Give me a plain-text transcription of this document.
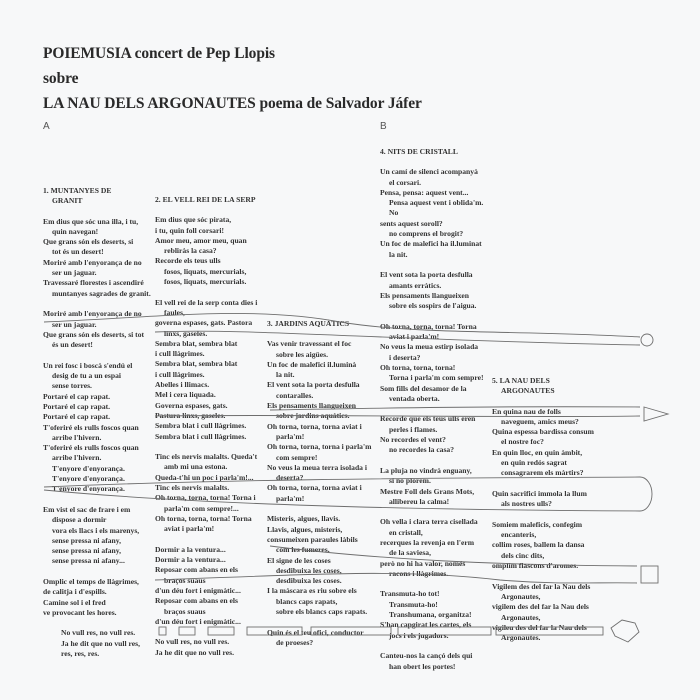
POIEMUSIA concert de Pep Llopis
sobre
LA NAU DELS ARGONAUTES poema de Salvador Jáfer
A	B
1. MUNTANYES DE
GRANIT
Em dius que sóc una illa, i tu,
quin navegan!
Que grans són els deserts, si
tot és un desert!
Moriré amb l'enyorança de no
ser un jaguar.
Travessaré florestes i ascendiré
muntanyes sagrades de granit.
Moriré amb l'enyorança de no
ser un jaguar.
Que grans són els deserts, si tot
és un desert!
Un rei fosc i boscà s'endú el
desig de tu a un espai
sense torres.
Portaré el cap rapat.
Portaré el cap rapat.
Portaré el cap rapat.
T'oferiré els rulls foscos quan
arribe l'hivern.
T'oferiré els rulls foscos quan
arribe l'hivern.
T'enyore d'enyorança.
T'enyore d'enyorança.
T'enyore d'enyorança.
Em vist el sac de frare i em
dispose a dormir
vora els llacs i els marenys,
sense pressa ni afany,
sense pressa ni afany,
sense pressa ni afany...
Omplic el temps de llàgrimes,
de calitja i d'espills.
Camine sol i el fred
ve provocant les hores.
No vull res, no vull res.
Ja he dit que no vull res,
res, res, res.
2. EL VELL REI DE LA SERP
Em dius que sóc pirata,
i tu, quin foll corsari!
Amor meu, amor meu, quan
rebliràs la casa?
Recorde els teus ulls
fosos, liquats, mercurials,
fosos, liquats, mercurials.
El vell rei de la serp conta dies i
faules,
governa espases, gats. Pastora
linxs, gaseles.
Sembra blat, sembra blat
i cull llàgrimes.
Sembra blat, sembra blat
i cull llàgrimes.
Abelles i llimacs.
Mel i cera liquada.
Governa espases, gats.
Pastura linxs, gaseles.
Sembra blat i cull llàgrimes.
Sembra blat i cull llàgrimes.
Tinc els nervis malalts. Queda't
amb mi una estona.
Queda-t'hi un poc i parla'm!...
Tinc els nervis malalts.
Oh torna, torna, torna! Torna i
parla'm com sempre!...
Oh torna, torna, torna! Torna
aviat i parla'm!
Dormir a la ventura...
Dormir a la ventura...
Reposar com abans en els
braços suaus
d'un déu fort i enigmàtic...
Reposar com abans en els
braços suaus
d'un déu fort i enigmàtic...
No vull res, no vull res.
Ja he dit que no vull res.
3. JARDINS AQUÀTICS
Vas venir travessant el foc
sobre les aigües.
Un foc de malefici il.luminà
la nit.
El vent sota la porta desfulla
contaralles.
Els pensaments llangueixen
sobre jardins aquàtics.
Oh torna, torna, torna aviat i
parla'm!
Oh torna, torna, torna i parla'm
com sempre!
No veus la meua terra isolada i
deserta?
Oh torna, torna, torna aviat i
parla'm!
Misteris, algues, llavis.
Llavis, algues, misteris,
consumeixen paraules làbils
com les fumeres.
El signe de les coses
desdibuixa les coses,
desdibuixa les coses.
I la màscara es riu sobre els
blancs caps rapats,
sobre els blancs caps rapats.
Quin és el teu ofici, conductor
de proeses?
4. NITS DE CRISTALL
Un camí de silenci acompanyà
el corsari.
Pensa, pensa: aquest vent...
Pensa aquest vent i oblida'm. No
sents aquest soroll?
no comprens el brogit?
Un foc de malefici ha il.luminat
la nit.
El vent sota la porta desfulla
amants erràtics.
Els pensaments llangueixen
sobre els sospirs de l'aigua.
Oh torna, torna, torna! Torna
aviat i parla'm!
No veus la meua estirp isolada
i deserta?
Oh torna, torna, torna!
Torna i parla'm com sempre!
Som fills del desamor de la
ventada oberta.
Recorde que els teus ulls eren
perles i flames.
No recordes el vent?
no recordes la casa?
La pluja no vindrà enguany,
si no plorem.
Mestre Foll dels Grans Mots,
allibereu la calma!
Oh vella i clara terra cisellada
en cristall,
recerques la revenja en l'erm
de la saviesa,
però no hi ha valor, només
racons i llàgrimes.
Transmuta-ho tot!
Transmuta-ho!
Transhumana, organitza!
S'han capgirat les cartes, els
jocs i els jugadors.
Canteu-nos la cançó dels qui
han obert les portes!
5. LA NAU DELS
ARGONAUTES
En quina nau de folls
naveguem, amics meus?
Quina espessa bardissa consum
el nostre foc?
En quin lloc, en quin àmbit,
en quin redós sagrat
consagrarem els màrtirs?
Quin sacrifici immola la llum
als nostres ulls?
Somiem maleficis, confegim
encanteris,
collim roses, ballem la dansa
dels cinc dits,
omplim flascons d'aromes.
Vigilem des del far la Nau dels
Argonautes,
vigilem des del far la Nau dels
Argonautes,
vigileu des del far la Nau dels
Argonautes.
